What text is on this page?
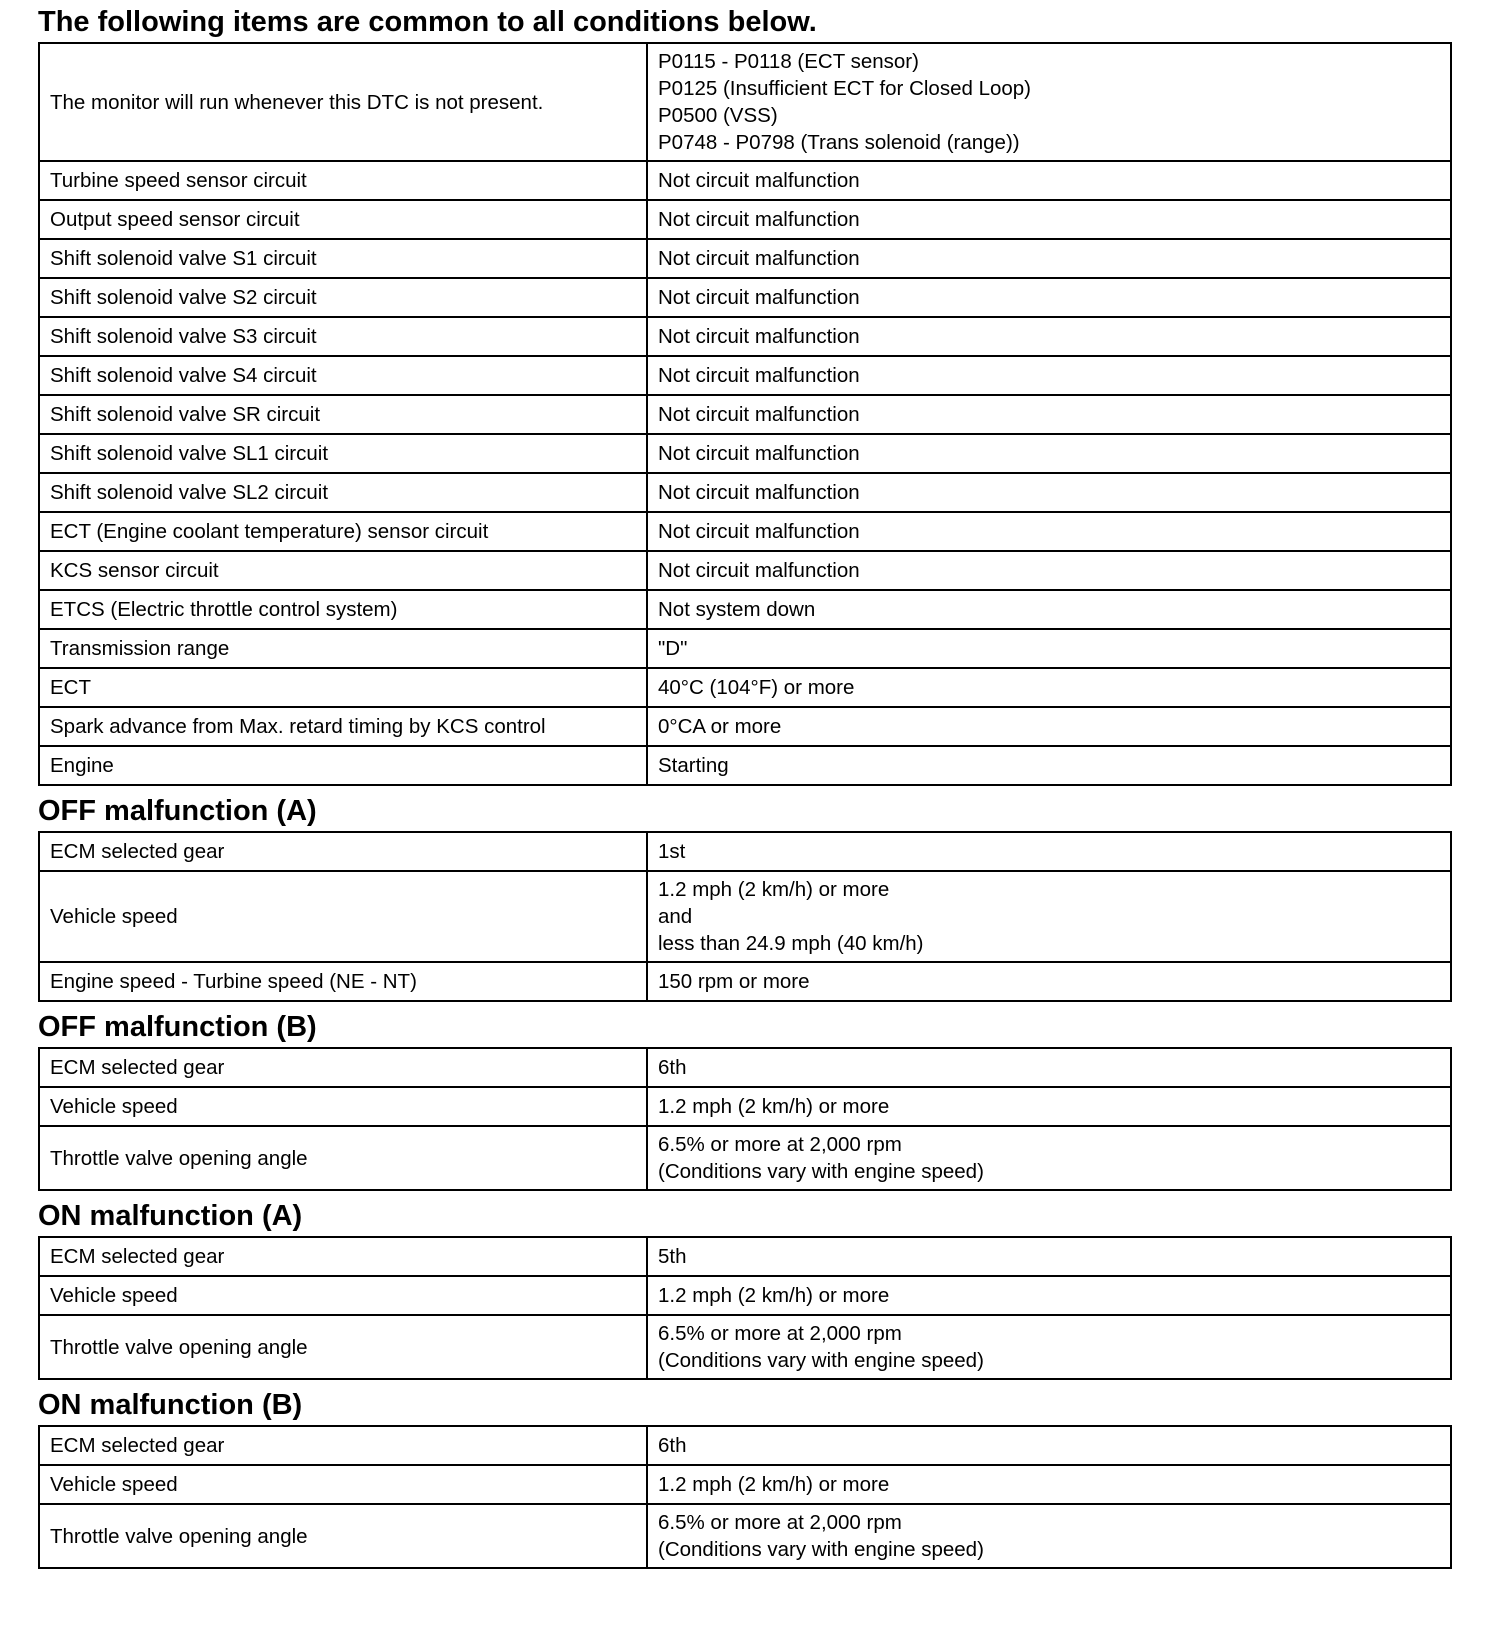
The following items are common to all conditions below.
The monitor will run whenever this DTC is not present.	P0115 - P0118 (ECT sensor)
P0125 (Insufficient ECT for Closed Loop)
P0500 (VSS)
P0748 - P0798 (Trans solenoid (range))
Turbine speed sensor circuit	Not circuit malfunction
Output speed sensor circuit	Not circuit malfunction
Shift solenoid valve S1 circuit	Not circuit malfunction
Shift solenoid valve S2 circuit	Not circuit malfunction
Shift solenoid valve S3 circuit	Not circuit malfunction
Shift solenoid valve S4 circuit	Not circuit malfunction
Shift solenoid valve SR circuit	Not circuit malfunction
Shift solenoid valve SL1 circuit	Not circuit malfunction
Shift solenoid valve SL2 circuit	Not circuit malfunction
ECT (Engine coolant temperature) sensor circuit	Not circuit malfunction
KCS sensor circuit	Not circuit malfunction
ETCS (Electric throttle control system)	Not system down
Transmission range	"D"
ECT	40°C (104°F) or more
Spark advance from Max. retard timing by KCS control	0°CA or more
Engine	Starting
OFF malfunction (A)
ECM selected gear	1st
Vehicle speed	1.2 mph (2 km/h) or more
and
less than 24.9 mph (40 km/h)
Engine speed - Turbine speed (NE - NT)	150 rpm or more
OFF malfunction (B)
ECM selected gear	6th
Vehicle speed	1.2 mph (2 km/h) or more
Throttle valve opening angle	6.5% or more at 2,000 rpm
(Conditions vary with engine speed)
ON malfunction (A)
ECM selected gear	5th
Vehicle speed	1.2 mph (2 km/h) or more
Throttle valve opening angle	6.5% or more at 2,000 rpm
(Conditions vary with engine speed)
ON malfunction (B)
ECM selected gear	6th
Vehicle speed	1.2 mph (2 km/h) or more
Throttle valve opening angle	6.5% or more at 2,000 rpm
(Conditions vary with engine speed)
